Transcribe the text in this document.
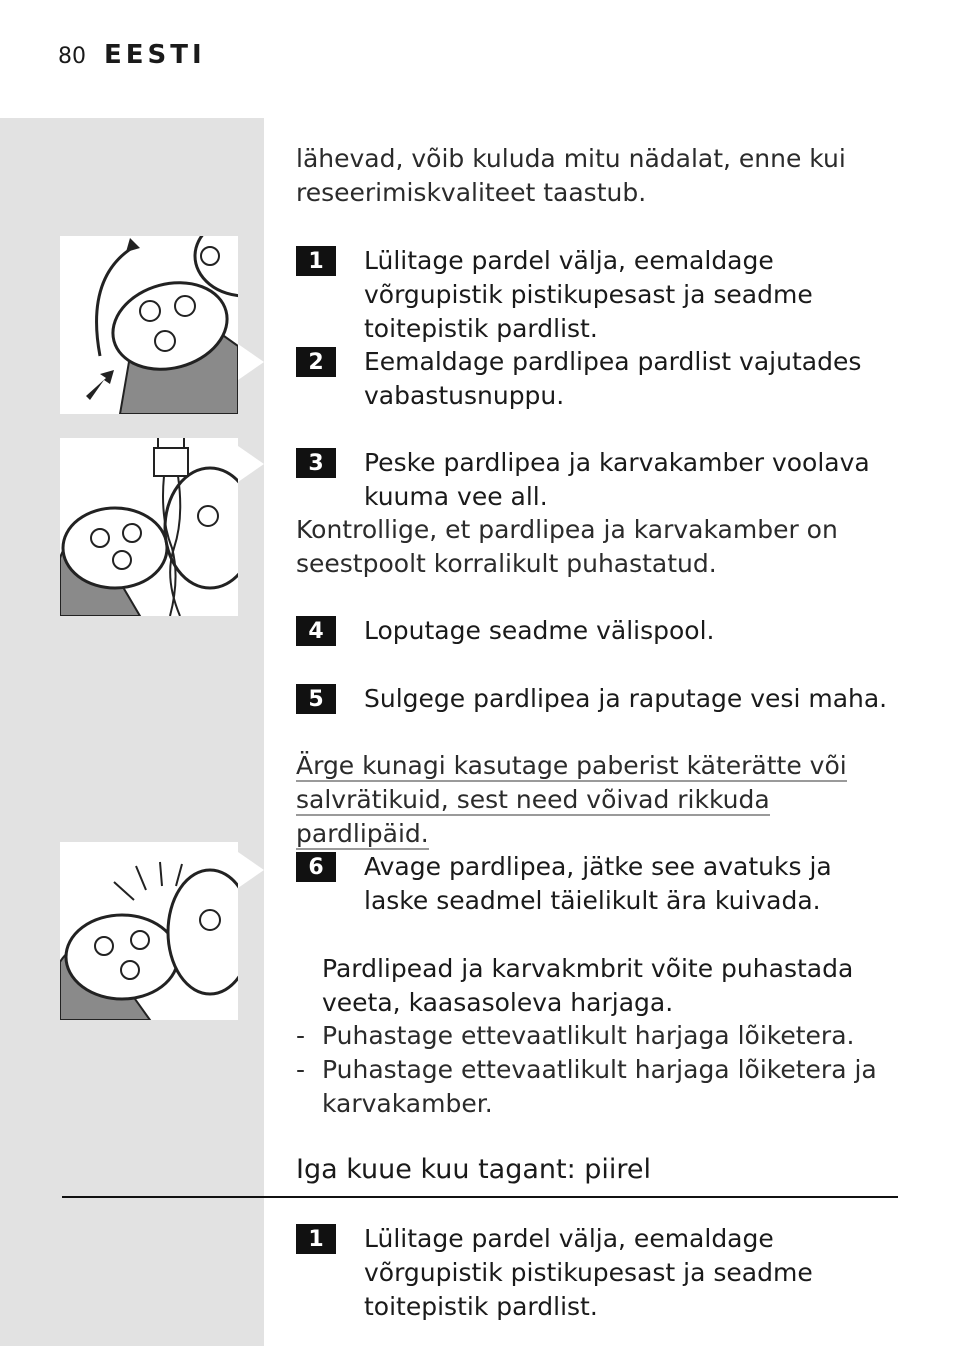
80 EESTI
lähevad, võib kuluda mitu nädalat, enne kui reseerimiskvaliteet taastub.
1	Lülitage pardel välja, eemaldage võrgupistik pistikupesast ja seadme toitepistik pardlist.
2	Eemaldage pardlipea pardlist vajutades vabastusnuppu.
3	Peske pardlipea ja karvakamber voolava kuuma vee all.
Kontrollige, et pardlipea ja karvakamber on seestpoolt korralikult puhastatud.
4	Loputage seadme välispool.
5	Sulgege pardlipea ja raputage vesi maha.
Ärge kunagi kasutage paberist käterätte või salvrätikuid, sest need võivad rikkuda pardlipäid.
6	Avage pardlipea, jätke see avatuks ja laske seadmel täielikult ära kuivada.
Pardlipead ja karvakmbrit võite puhastada veeta, kaasasoleva harjaga.
- Puhastage ettevaatlikult harjaga lõiketera.
- Puhastage ettevaatlikult harjaga lõiketera ja karvakamber.
Iga kuue kuu tagant: piirel
1	Lülitage pardel välja, eemaldage võrgupistik pistikupesast ja seadme toitepistik pardlist.
